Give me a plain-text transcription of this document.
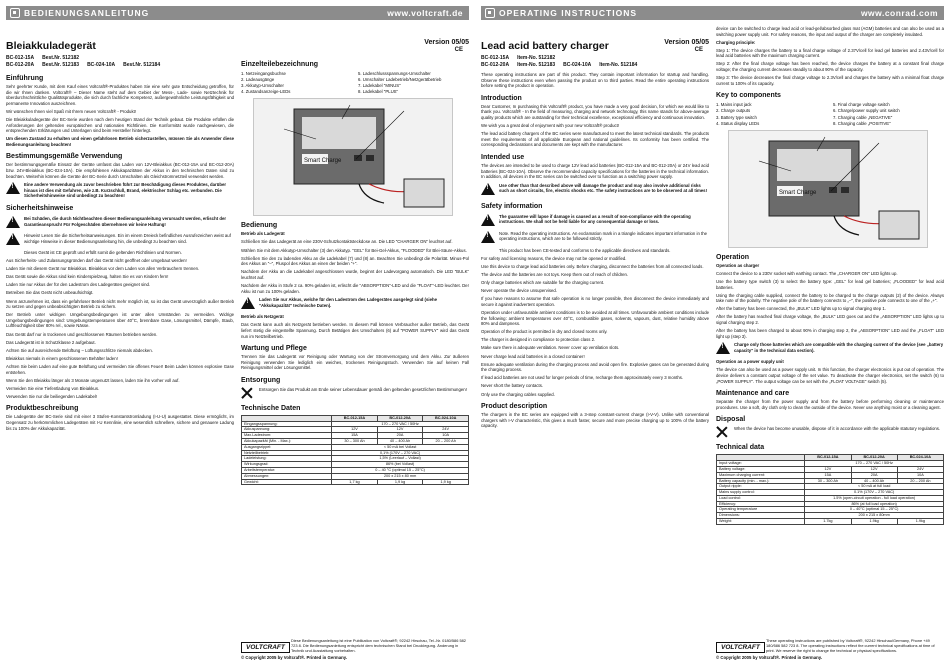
BEDIENUNGSANLEITUNG	www.voltcraft.de
Bleiakkuladegerät
BC-012-15A Best.Nr. 512182
BC-012-20A Best.Nr. 512183 BC-024-10A Best.Nr. 512184
Einführung

Sehr geehrter Kunde, mit dem Kauf eines Voltcraft®-Produktes haben Sie eine sehr gute Entscheidung getroffen, für die wir Ihnen danken. Voltcraft® – Dieser Name steht auf dem Gebiet der Mess-, Lade- sowie Netztechnik für überdurchschnittliche Qualitätsprodukte, die sich durch fachliche Kompetenz, außergewöhnliche Leistungsfähigkeit und permanente Innovation auszeichnen.

Wir wünschen Ihnen viel Spaß mit Ihrem neuen Voltcraft® - Produkt!

Die Bleiakkuladegeräte der BC-Serie wurden nach dem heutigen Stand der Technik gebaut. Die Produkte erfüllen die Anforderungen der geltenden europäischen und nationalen Richtlinien. Die Konformität wurde nachgewiesen, die entsprechenden Erklärungen und Unterlagen sind beim Hersteller hinterlegt.

Um diesen Zustand zu erhalten und einen gefahrlosen Betrieb sicherzustellen, müssen Sie als Anwender diese Bedienungsanleitung beachten!

Bestimmungsgemäße Verwendung

Der bestimmungsgemäße Einsatz der Geräte umfasst das Laden von 12V-Bleiakkus (BC-012-15A und BC-012-20A) bzw. 24V-Bleiakkus (BC-024-10A). Die empfohlenen Akkukapazitäten der Akkus in den technischen Daten sind zu beachten. Weiterhin können die Geräte der BC-Serie durch Umschalten als Gleichstromnetzteil verwendet werden.

!
Eine andere Verwendung als zuvor beschrieben führt zur Beschädigung dieses Produktes, darüber hinaus ist dies mit Gefahren, wie z.B. Kurzschluß, Brand, elektrischer Schlag etc. verbunden. Die Sicherheitshinweise sind unbedingt zu beachten!
Sicherheitshinweise
!
Bei Schäden, die durch Nichtbeachten dieser Bedienungsanleitung verursacht werden, erlischt der Garantieanspruch! Für Folgeschäden übernehmen wir keine Haftung!
!
Hinweis! Lesen Sie die Sicherheitsanweisungen. Ein im einem Dreieck befindliches Ausrufezeichen weist auf wichtige Hinweise in dieser Bedienungsanleitung hin, die unbedingt zu beachten sind.

Dieses Gerät ist CE geprüft und erfüllt somit die geltenden Richtlinien und Normen.

Aus Sicherheits- und Zulassungsgründen darf das Gerät nicht geöffnet oder umgebaut werden!

Laden Sie mit diesem Gerät nur Bleiakkus. Bleiakkus vor dem Laden von allen Verbrauchern trennen.

Das Gerät sowie die Akkus sind kein Kinderspielzeug, halten Sie es von Kindern fern!

Laden Sie nur Akkus der für den Ladestrom des Ladegerätes geeignet sind.

Betreiben Sie das Gerät nicht unbeaufsichtigt.

Wenn anzunehmen ist, dass ein gefahrloser Betrieb nicht mehr möglich ist, so ist das Gerät unverzüglich außer Betrieb zu setzen und gegen unbeabsichtigten Betrieb zu sichern.

Der Betrieb unter widrigen Umgebungsbedingungen ist unter allen Umständen zu vermeiden. Widrige Umgebungsbedingungen sind: Umgebungstemperaturen über 40°C, brennbare Gase, Lösungsmittel, Dämpfe, Staub, Luftfeuchtigkeit über 80% rel., sowie Nässe.

Das Gerät darf nur in trockenen und geschlossenen Räumen betrieben werden.

Das Ladegerät ist in Schutzklasse 2 aufgebaut.

Achten Sie auf ausreichende Belüftung – Lüftungsschlitze niemals abdecken.

Bleiakkus niemals in einem geschlossenen Behälter laden!

Achten Sie beim Laden auf eine gute Belüftung und vermeiden Sie offenes Feuer! Beim Laden können explosive Gase entstehen.

Wenn Sie den Bleiakku länger als 3 Monate ungenutzt lassen, laden Sie ihn vorher voll auf.

Vermeiden Sie eine Tiefentladung von Bleiakkus.

Verwenden Sie nur die beiliegenden Ladekabel!

Produktbeschreibung

Die Ladegeräte der BC-Serie sind mit einer 3 Stufen-Konstantstromladung (I-U-U) ausgestattet. Diese ermöglicht, im Gegensatz zu herkömmlichen Ladegeräten mit I-U Kennlinie, eine wesentlich schnellere, sichere und genauere Ladung bis zu 100% der Akkukapazität.

Version 05/05
CE
Einzelteilebezeichnung
1. Netzeingangsbuchse
2. Ladeausgänge
3. Akkutyp-Umschalter
4. Zustandsanzeige-LEDs
5. Ladeschlussspannungs-Umschalter
6. Umschalter Ladebetrieb/Netzgerätbetrieb
7. Ladekabel "MINUS"
8. Ladekabel "PLUS"
Smart Charge
Bedienung

Betrieb als Ladegerät

Schließen Sie das Ladegerät an eine 230V-Schutzkontaktsteckdose an. Die LED "CHARGER ON" leuchtet auf.

Wählen Sie mit dem Akkutyp-Umschalter (3) den Akkutyp. "GEL" für Bei-Gel-Akkus, "FLOODED" für Blei-Säure-Akkus.

Schließen Sie den zu ladenden Akku an die Ladekabel (7) und (8) an. Beachten Sie unbedingt die Polarität. Minus-Pol des Akkus an "–", Pluspol des Akkus an einen der beiden "+".

Nachdem der Akku an die Ladekabel angeschlossen wurde, beginnt der Ladevorgang automatisch. Die LED "BULK" leuchtet auf.

Nachdem der Akku in Stufe 2 ca. 90% geladen ist, erlischt die "ABSORPTION"-LED und die "FLOAT"-LED leuchtet. Der Akku ist nun zu 100% geladen.

!
Laden Sie nur Akkus, welche für den Ladestrom des Ladegerätes ausgelegt sind (siehe "Akkukapazität" technische Daten).

Betrieb als Netzgerät

Das Gerät kann auch als Netzgerät betrieben werden. In diesem Fall können Verbraucher außer Betrieb, das Gerät liefert stetig die eingestellte Spannung. Durch Betätigen des Umschalters (6) auf "POWER SUPPLY" wird das Gerät nun im Netzteilbetrieb.

Wartung und Pflege

Trennen Sie das Ladegerät vor Reinigung oder Wartung von der Stromversorgung und dem Akku. Zur äußeren Reinigung verwenden Sie lediglich ein weiches, trockenes Reinigungstuch. Verwenden Sie auf keinen Fall Reinigungsmittel oder Lösungsmittel.

Entsorgung
Entsorgen Sie das Produkt am Ende seiner Lebensdauer gemäß den geltenden gesetzlichen Bestimmungen!
Technische Daten
	BC-012-15A	BC-012-20A	BC-024-10A
Eingangsspannung:	170 – 270 VAC / 50Hz		
Akkuspannung:	12V	12V	24V
Max.Ladestrom:	15A	20A	10A
Akkukapazität (Min. - Max.):	30 – 300 Ah	40 – 400 Ah	20 – 200 Ah
Ausgangsrippel:	< 50 mA bei Vollast		
Netzteilbetrieb:	0,1% (170V – 270 VAC)		
Ladeleistung:	1,5% (Leerlauf – Vollast)		
Wirkungsgrad:	86% (bei Vollast)		
Arbeitstemperatur:	0 – 40 °C (optimal 15 – 25°C)		
Abmessungen:	200 x 215 x 80 mm		
Gewicht:	1,7 kg	1,9 kg	1,9 kg
VOLTCRAFT
Diese Bedienungsanleitung ist eine Publikation von Voltcraft®, 92242 Hirschau, Tel.-Nr. 0180/586 582 723 8. Die Bedienungsanleitung entspricht dem technischen Stand bei Drucklegung. Änderung in Technik und Ausstattung vorbehalten.
© Copyright 2005 by Voltcraft®. Printed in Germany.
OPERATING INSTRUCTIONS	www.conrad.com
Lead acid battery charger	Version 05/05
CE
BC-012-15A Item-No. 512182
BC-012-20A Item-No. 512183 BC-024-10A Item-No. 512184

These operating instructions are part of this product. They contain important information for startup and handling. Observe these instructions even when passing the product on to third parties. Read the entire operating instructions before setting the product in operation.

Introduction

Dear Customer, In purchasing this Voltcraft® product, you have made a very good decision, for which we would like to thank you. Voltcraft® - In the field of measuring, charging and network technology, this name stands for above-average quality products which are outstanding for their technical excellence, exceptional efficiency and continuous innovation.

We wish you a great deal of enjoyment with your new Voltcraft® product!

The lead acid battery chargers of the BC series were manufactured to meet the latest technical standards. The products meet the requirements of all applicable European and national guidelines. Its conformity has been certified. The corresponding declarations and documents are kept with the manufacturer.

Intended use

The devices are intended to be used to charge 12V lead acid batteries (BC-012-15A and BC-012-20A) or 24V lead acid batteries (BC-024-10A). Observe the recommended capacity specifications for the batteries in the technical information. In addition, all devices in the BC series can be switched over to function as a switching power supply.

!
Use other than that described above will damage the product and may also involve additional risks such as short circuits, fire, electric shocks etc. The safety instructions are to be observed at all times!
Safety information
!
The guarantee will lapse if damage is caused as a result of non-compliance with the operating instructions. We shall not be held liable for any consequential damage or loss.
!
Note. Read the operating instructions. An exclamation mark in a triangle indicates important information in the operating instructions, which are to be followed strictly.

This product has been CE-tested and conforms to the applicable directives and standards.

For safety and licensing reasons, the device may not be opened or modified.

Use this device to charge lead acid batteries only. Before charging, disconnect the batteries from all connected loads.

The device and the batteries are not toys. Keep them out of reach of children.

Only charge batteries which are suitable for the charging current.

Never operate the device unsupervised.

If you have reasons to assume that safe operation is no longer possible, then disconnect the device immediately and secure it against inadvertent operation.

Operation under unfavourable ambient conditions is to be avoided at all times. Unfavourable ambient conditions include the following: ambient temperatures over 40°C, combustible gases, solvents, vapours, dust, relative humidity above 80% and dampness.

Operation of the product is permitted in dry and closed rooms only.

The charger is designed in compliance to protection class 2.

Make sure there is adequate ventilation. Never cover up ventilation slots.

Never charge lead acid batteries in a closed container!

Ensure adequate ventilation during the charging process and avoid open fire. Explosive gases can be generated during the charging process.

If lead acid batteries are not used for longer periods of time, recharge them approximately every 3 months.

Never short the battery contacts.

Only use the charging cables supplied.

Product description

The chargers in the BC series are equipped with a 3-step constant-current charge (I-V-V). Unlike with conventional chargers with I-V characteristic, this gives a much faster, secure and more precise charging up to 100% of the battery capacity.

device can be switched to charge lead acid or lead-gel/absorbed glass mat (AGM) batteries and can also be used as a switching power supply unit. For safety reasons, the input and output of the charger are completely insulated.

Charging principle:

Step 1: The device charges the battery to a final charge voltage of 2.37V/cell for lead gel batteries and 2.43V/cell for lead acid batteries with the maximum charging current.

Step 2: After the final charge voltage has been reached, the device charges the battery at a constant final charge voltage; the charging current decreases steadily to about 90% of the capacity.

Step 3: The device decreases the final charge voltage to 2.3V/cell and charges the battery with a minimal float charge current to 100% of its capacity.

Key to components
1. Mains input jack
2. Charge outputs
3. Battery type switch
4. Status display LEDs
5. Final charge voltage switch
6. Charge/power supply unit switch
7. Charging cable „NEGATIVE"
8. Charging cable „POSITIVE"
Smart Charge
Operation

Operation as charger

Connect the device to a 230V socket with earthing contact. The „CHARGER ON" LED lights up.

Use the battery type switch (3) to select the battery type: „GEL" for lead gel batteries; „FLOODED" for lead acid batteries.

Using the charging cable supplied, connect the battery to be charged to the charge outputs (2) of the device. Always take note of the polarity. The negative pole of the battery connects to „–", the positive pole connects to one of the „+".

After the battery has been connected, the „BULK" LED lights up to signal charging step 1.

After the battery has reached final charge voltage, the „BULK" LED goes out and the „ABSORPTION" LED lights up to signal charging step 2.

After the battery has been charged to about 90% in charging step 2, the „ABSORPTION" LED and the „FLOAT" LED light up (step 3).

!
Charge only those batteries which are compatible with the charging current of the device (see „battery capacity" in the technical data section).

Operation as a power supply unit

The device can also be used as a power supply unit. In this function, the charger electronics is put out of operation. The device delivers a constant output voltage of the set value. To deactivate the charger electronics, set the switch (6) to „POWER SUPPLY". The output voltage can be set with the „FLOAT VOLTAGE" switch (5).

Maintenance and care

Separate the charger from the power supply and from the battery before performing cleaning or maintenance procedures. Use a soft, dry cloth only to clean the outside of the device. Never use anything moist or a cleaning agent.

Disposal
When the device has become unusable, dispose of it in accordance with the applicable statutory regulations.
Technical data
	BC-012-15A	BC-012-20A	BC-024-10A
Input voltage:	170 – 270 VAC / 50Hz		
Battery voltage:	12V	12V	24V
Maximum charging current:	15A	20A	10A
Battery capacity (min. - max.):	30 – 300 Ah	40 – 400 Ah	20 – 200 Ah
Output ripple:	< 50 mA at full load		
Mains supply control:	0.1% (170V – 270 VAC)		
Load control:	1.5% (open-circuit operation - full load operation)		
Efficiency:	86% (at full load operation)		
Operating temperature	0 – 40°C (optimal 15 – 25°C)		
Dimensions:	200 x 215 x 80mm		
Weight:	1.7kg	1.9kg	1.9kg
VOLTCRAFT
These operating instructions are published by Voltcraft®, 92242 Hirschau/Germany, Phone +49 180/586 582 723 8. The operating instructions reflect the current technical specifications at time of print. We reserve the right to change the technical or physical specifications.
© Copyright 2005 by Voltcraft®. Printed in Germany.
